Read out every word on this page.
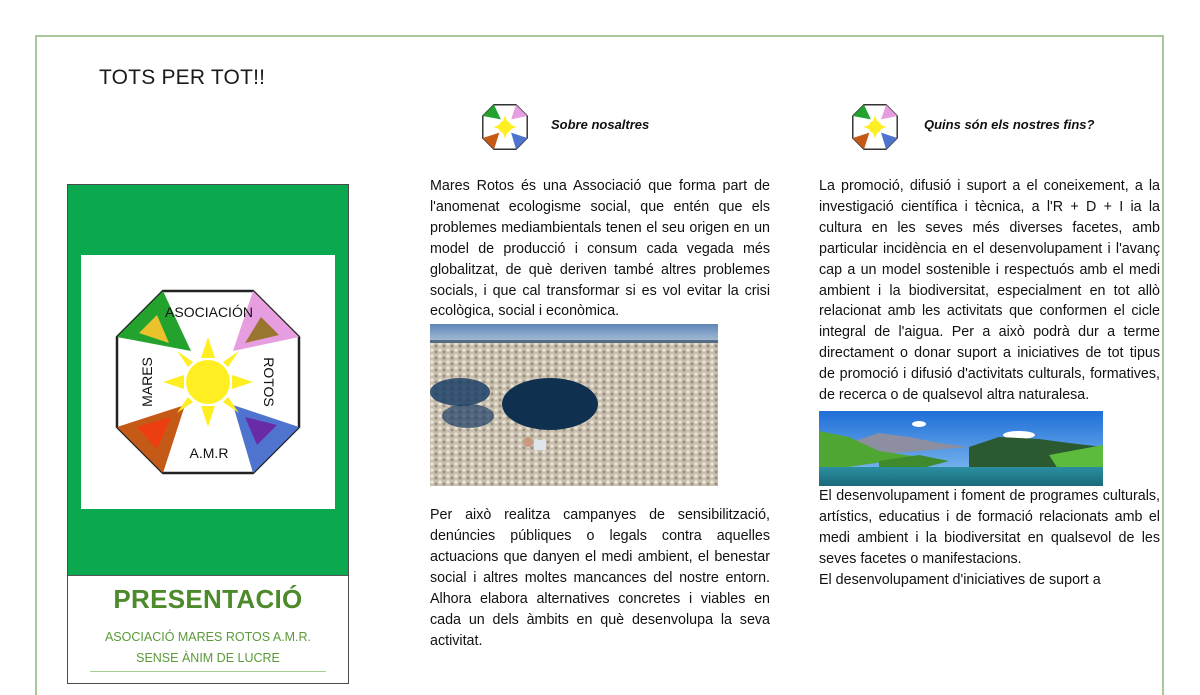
TOTS PER TOT!!
ASOCIACIÓN
A.M.R
MARES	ROTOS
PRESENTACIÓ
ASOCIACIÓ MARES ROTOS A.M.R.
SENSE ÀNIM DE LUCRE
Sobre nosaltres

Mares Rotos és una Associació que forma part de l'anomenat ecologisme social, que entén que els problemes mediambientals tenen el seu origen en un model de producció i consum cada vegada més globalitzat, de què deriven també altres problemes socials, i que cal transformar si es vol evitar la crisi ecològica, social i econòmica.

Per això realitza campanyes de sensibilització, denúncies públiques o legals contra aquelles actuacions que danyen el medi ambient, el benestar social i altres moltes mancances del nostre entorn. Alhora elabora alternatives concretes i viables en cada un dels àmbits en què desenvolupa la seva activitat.

Quins són els nostres fins?

La promoció, difusió i suport a el coneixement, a la investigació científica i tècnica, a l'R + D + I ia la cultura en les seves més diverses facetes, amb particular incidència en el desenvolupament i l'avanç cap a un model sostenible i respectuós amb el medi ambient i la biodiversitat, especialment en tot allò relacionat amb les activitats que conformen el cicle integral de l'aigua. Per a això podrà dur a terme directament o donar suport a iniciatives de tot tipus de promoció i difusió d'activitats culturals, formatives, de recerca o de qualsevol altra naturalesa.

El desenvolupament i foment de programes culturals, artístics, educatius i de formació relacionats amb el medi ambient i la biodiversitat en qualsevol de les seves facetes o manifestacions.

El desenvolupament d'iniciatives de suport a
